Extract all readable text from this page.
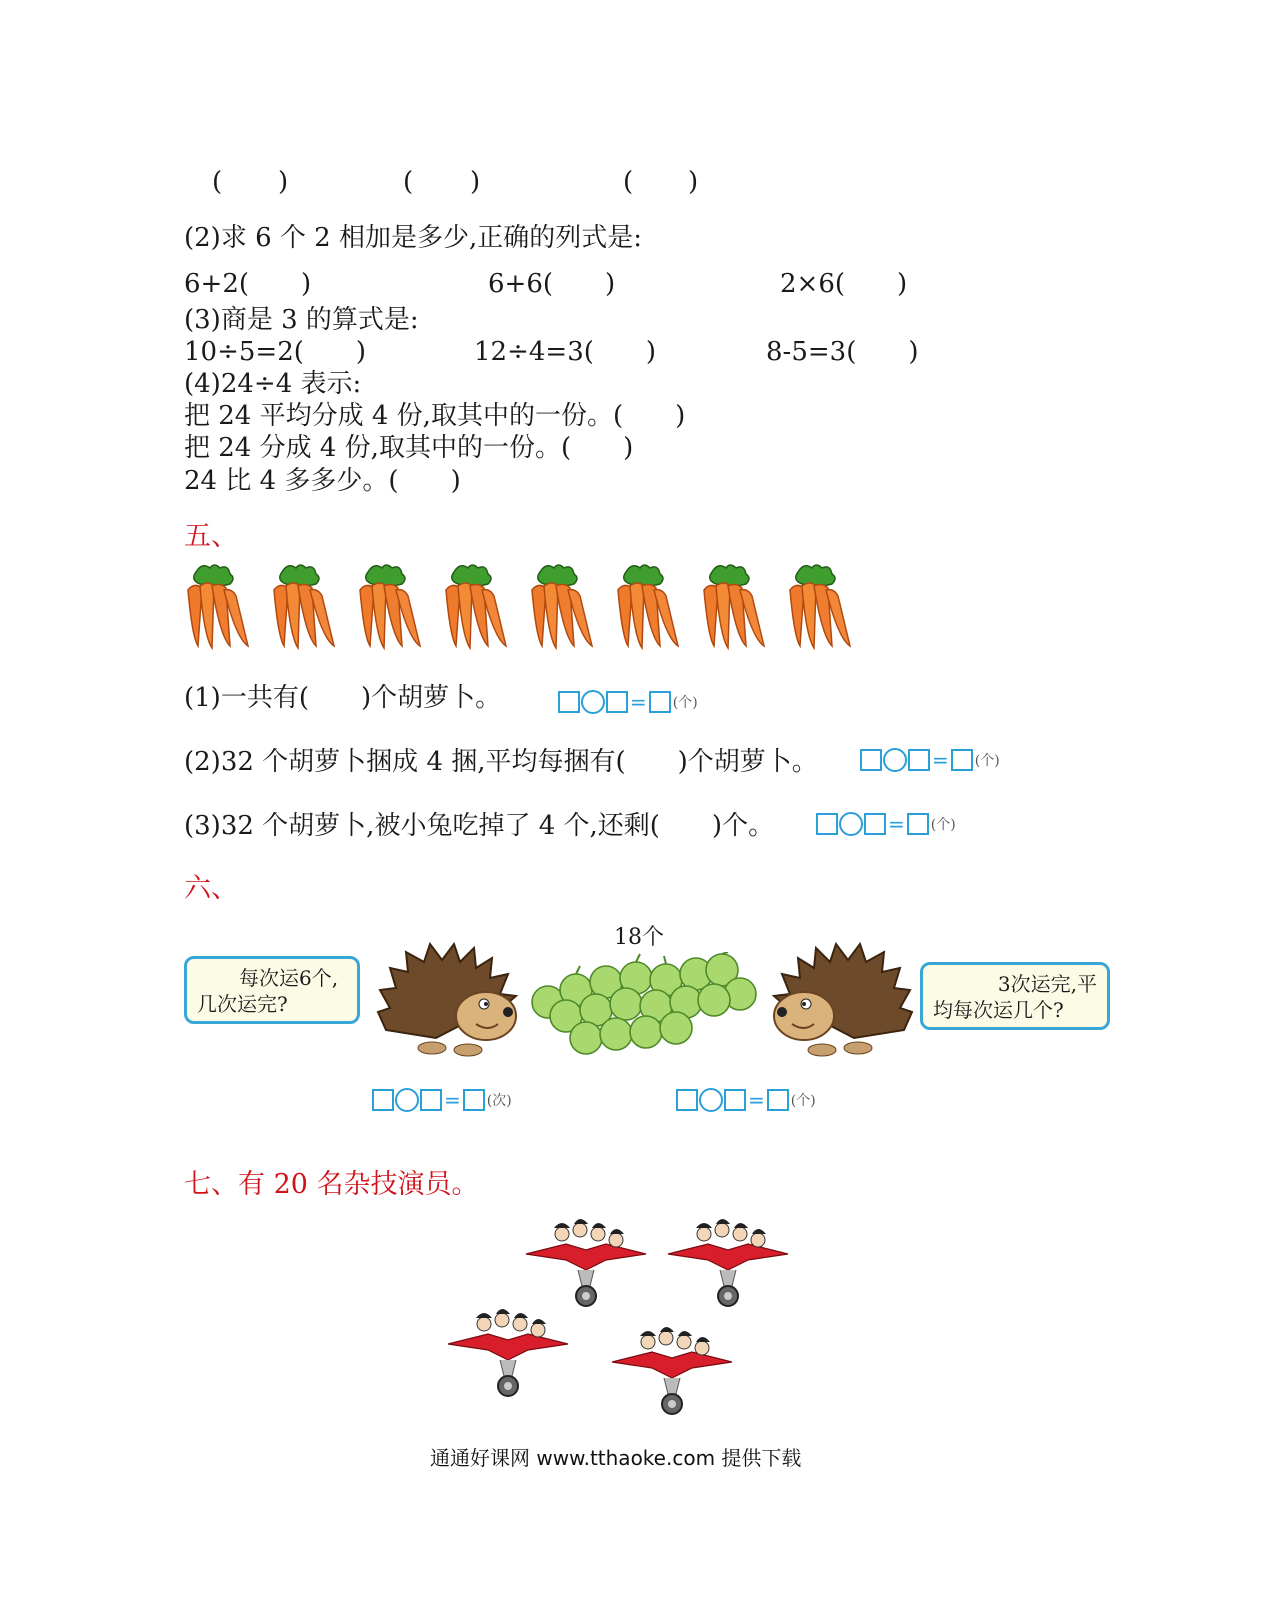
( )	( )	( )
(2)求 6 个 2 相加是多少,正确的列式是:
6+2(　　)	6+6(　　)	2×6(　　)
(3)商是 3 的算式是:
10÷5=2(　　)	12÷4=3(　　)	8-5=3(　　)
(4)24÷4 表示:
把 24 平均分成 4 份,取其中的一份。(　　)
把 24 分成 4 份,取其中的一份。(　　)
24 比 4 多多少。(　　)
五、
(1)一共有(　　)个胡萝卜。	= (个)
(2)32 个胡萝卜捆成 4 捆,平均每捆有(　　)个胡萝卜。	= (个)
(3)32 个胡萝卜,被小兔吃掉了 4 个,还剩(　　)个。	= (个)
六、
18个
每次运6个,
几次运完?
3次运完,平
均每次运几个?
= (次)	= (个)
七、有 20 名杂技演员。
通通好课网 www.tthaoke.com 提供下载
